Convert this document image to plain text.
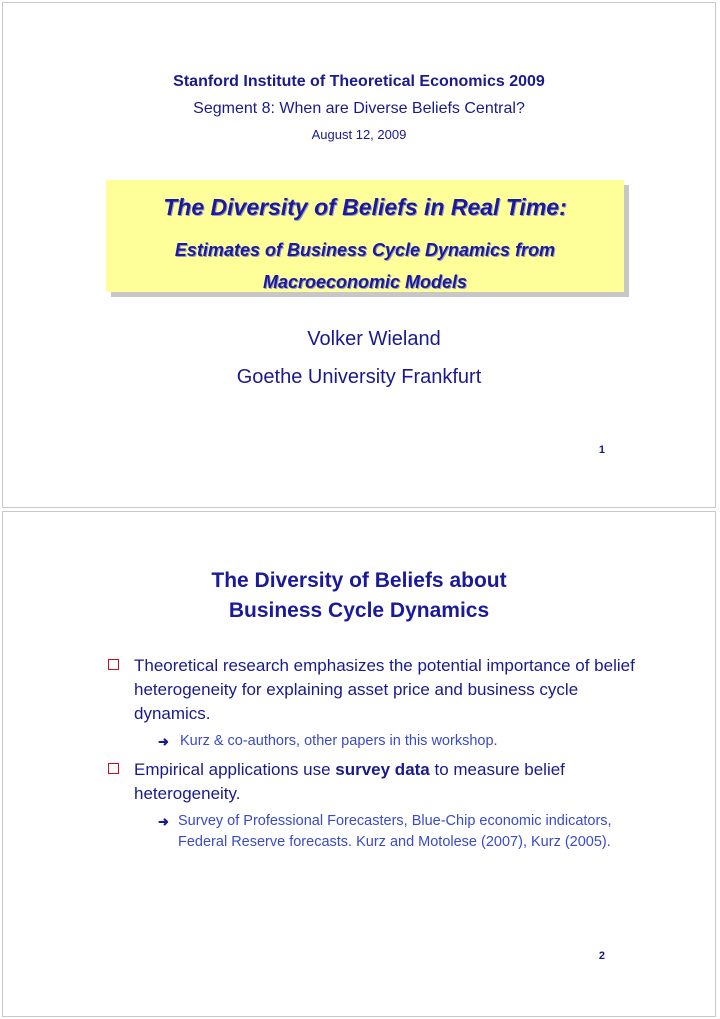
Stanford Institute of Theoretical Economics 2009
Segment 8: When are Diverse Beliefs Central?
August 12, 2009
The Diversity of Beliefs in Real Time:
Estimates of Business Cycle Dynamics from
Macroeconomic Models
Volker Wieland
Goethe University Frankfurt
1
The Diversity of Beliefs about
Business Cycle Dynamics
Theoretical research emphasizes the potential importance of belief heterogeneity for explaining asset price and business cycle dynamics.
➜ Kurz & co-authors, other papers in this workshop.
Empirical applications use survey data to measure belief heterogeneity.
➜ Survey of Professional Forecasters, Blue-Chip economic indicators, Federal Reserve forecasts. Kurz and Motolese (2007), Kurz (2005).
2
